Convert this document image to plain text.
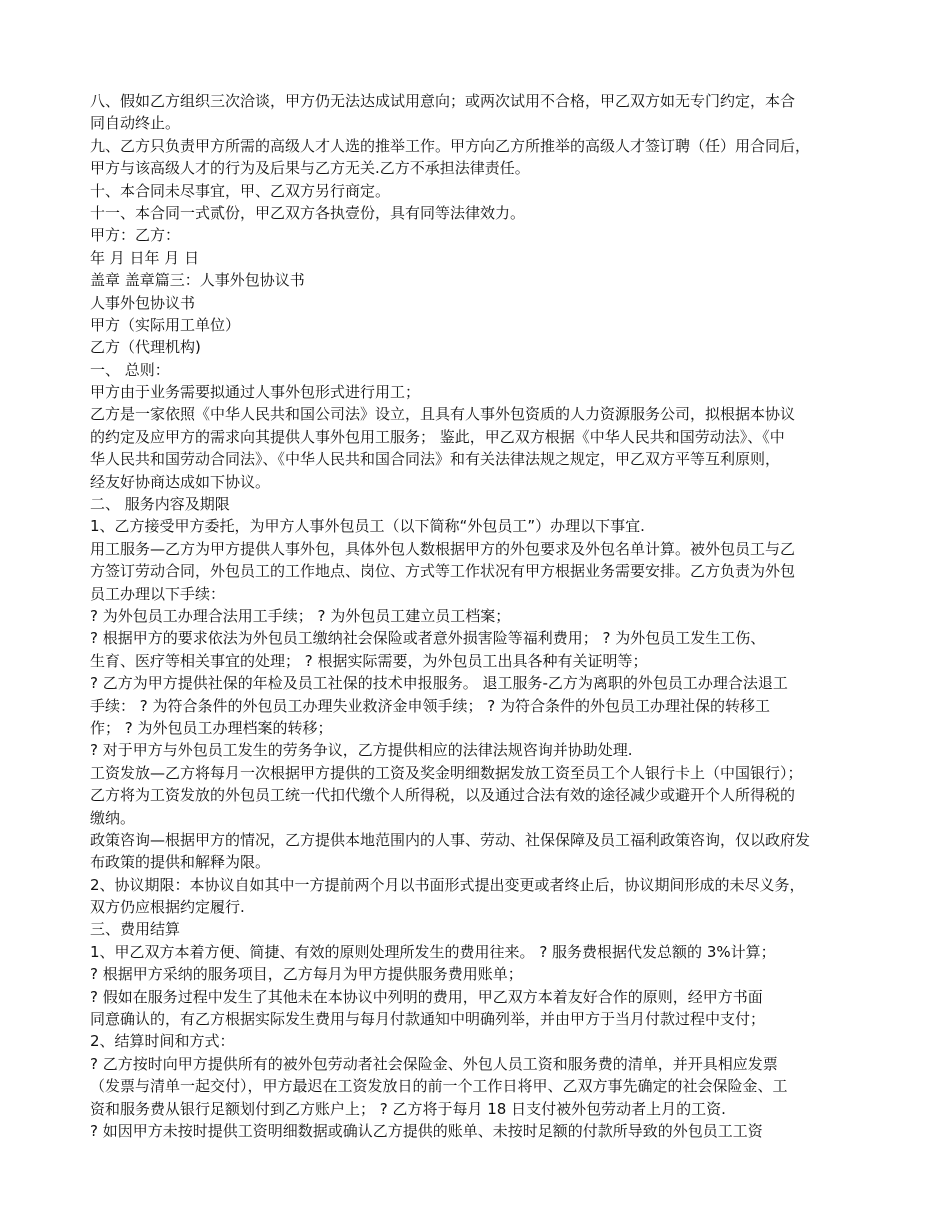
八、假如乙方组织三次洽谈，甲方仍无法达成试用意向；或两次试用不合格，甲乙双方如无专门约定，本合
同自动终止。
九、乙方只负责甲方所需的高级人才人选的推举工作。甲方向乙方所推举的高级人才签订聘（任）用合同后，
甲方与该高级人才的行为及后果与乙方无关.乙方不承担法律责任。
十、本合同未尽事宜，甲、乙双方另行商定。
十一、本合同一式贰份，甲乙双方各执壹份，具有同等法律效力。
甲方：乙方：
年 月 日年 月 日
盖章 盖章篇三：人事外包协议书
人事外包协议书
甲方（实际用工单位）
乙方（代理机构)
一、 总则：
甲方由于业务需要拟通过人事外包形式进行用工；
乙方是一家依照《中华人民共和国公司法》设立，且具有人事外包资质的人力资源服务公司，拟根据本协议
的约定及应甲方的需求向其提供人事外包用工服务； 鉴此，甲乙双方根据《中华人民共和国劳动法》、《中
华人民共和国劳动合同法》、《中华人民共和国合同法》和有关法律法规之规定，甲乙双方平等互利原则，
经友好协商达成如下协议。
二、 服务内容及期限
1、乙方接受甲方委托，为甲方人事外包员工（以下简称“外包员工”）办理以下事宜.
用工服务—乙方为甲方提供人事外包，具体外包人数根据甲方的外包要求及外包名单计算。被外包员工与乙
方签订劳动合同，外包员工的工作地点、岗位、方式等工作状况有甲方根据业务需要安排。乙方负责为外包
员工办理以下手续：
? 为外包员工办理合法用工手续； ? 为外包员工建立员工档案；
? 根据甲方的要求依法为外包员工缴纳社会保险或者意外损害险等福利费用； ? 为外包员工发生工伤、
生育、医疗等相关事宜的处理； ? 根据实际需要，为外包员工出具各种有关证明等；
? 乙方为甲方提供社保的年检及员工社保的技术申报服务。 退工服务-乙方为离职的外包员工办理合法退工
手续： ? 为符合条件的外包员工办理失业救济金申领手续； ? 为符合条件的外包员工办理社保的转移工
作； ? 为外包员工办理档案的转移；
? 对于甲方与外包员工发生的劳务争议，乙方提供相应的法律法规咨询并协助处理.
工资发放—乙方将每月一次根据甲方提供的工资及奖金明细数据发放工资至员工个人银行卡上（中国银行）；
乙方将为工资发放的外包员工统一代扣代缴个人所得税，以及通过合法有效的途径减少或避开个人所得税的
缴纳。
政策咨询—根据甲方的情况，乙方提供本地范围内的人事、劳动、社保保障及员工福利政策咨询，仅以政府发
布政策的提供和解释为限。
2、协议期限：本协议自如其中一方提前两个月以书面形式提出变更或者终止后，协议期间形成的未尽义务，
双方仍应根据约定履行.
三、费用结算
1、甲乙双方本着方便、简捷、有效的原则处理所发生的费用往来。 ? 服务费根据代发总额的 3%计算；
? 根据甲方采纳的服务项目，乙方每月为甲方提供服务费用账单；
? 假如在服务过程中发生了其他未在本协议中列明的费用，甲乙双方本着友好合作的原则，经甲方书面
同意确认的，有乙方根据实际发生费用与每月付款通知中明确列举，并由甲方于当月付款过程中支付；
2、结算时间和方式：
? 乙方按时向甲方提供所有的被外包劳动者社会保险金、外包人员工资和服务费的清单，并开具相应发票
（发票与清单一起交付），甲方最迟在工资发放日的前一个工作日将甲、乙双方事先确定的社会保险金、工
资和服务费从银行足额划付到乙方账户上； ? 乙方将于每月 18 日支付被外包劳动者上月的工资.
? 如因甲方未按时提供工资明细数据或确认乙方提供的账单、未按时足额的付款所导致的外包员工工资
